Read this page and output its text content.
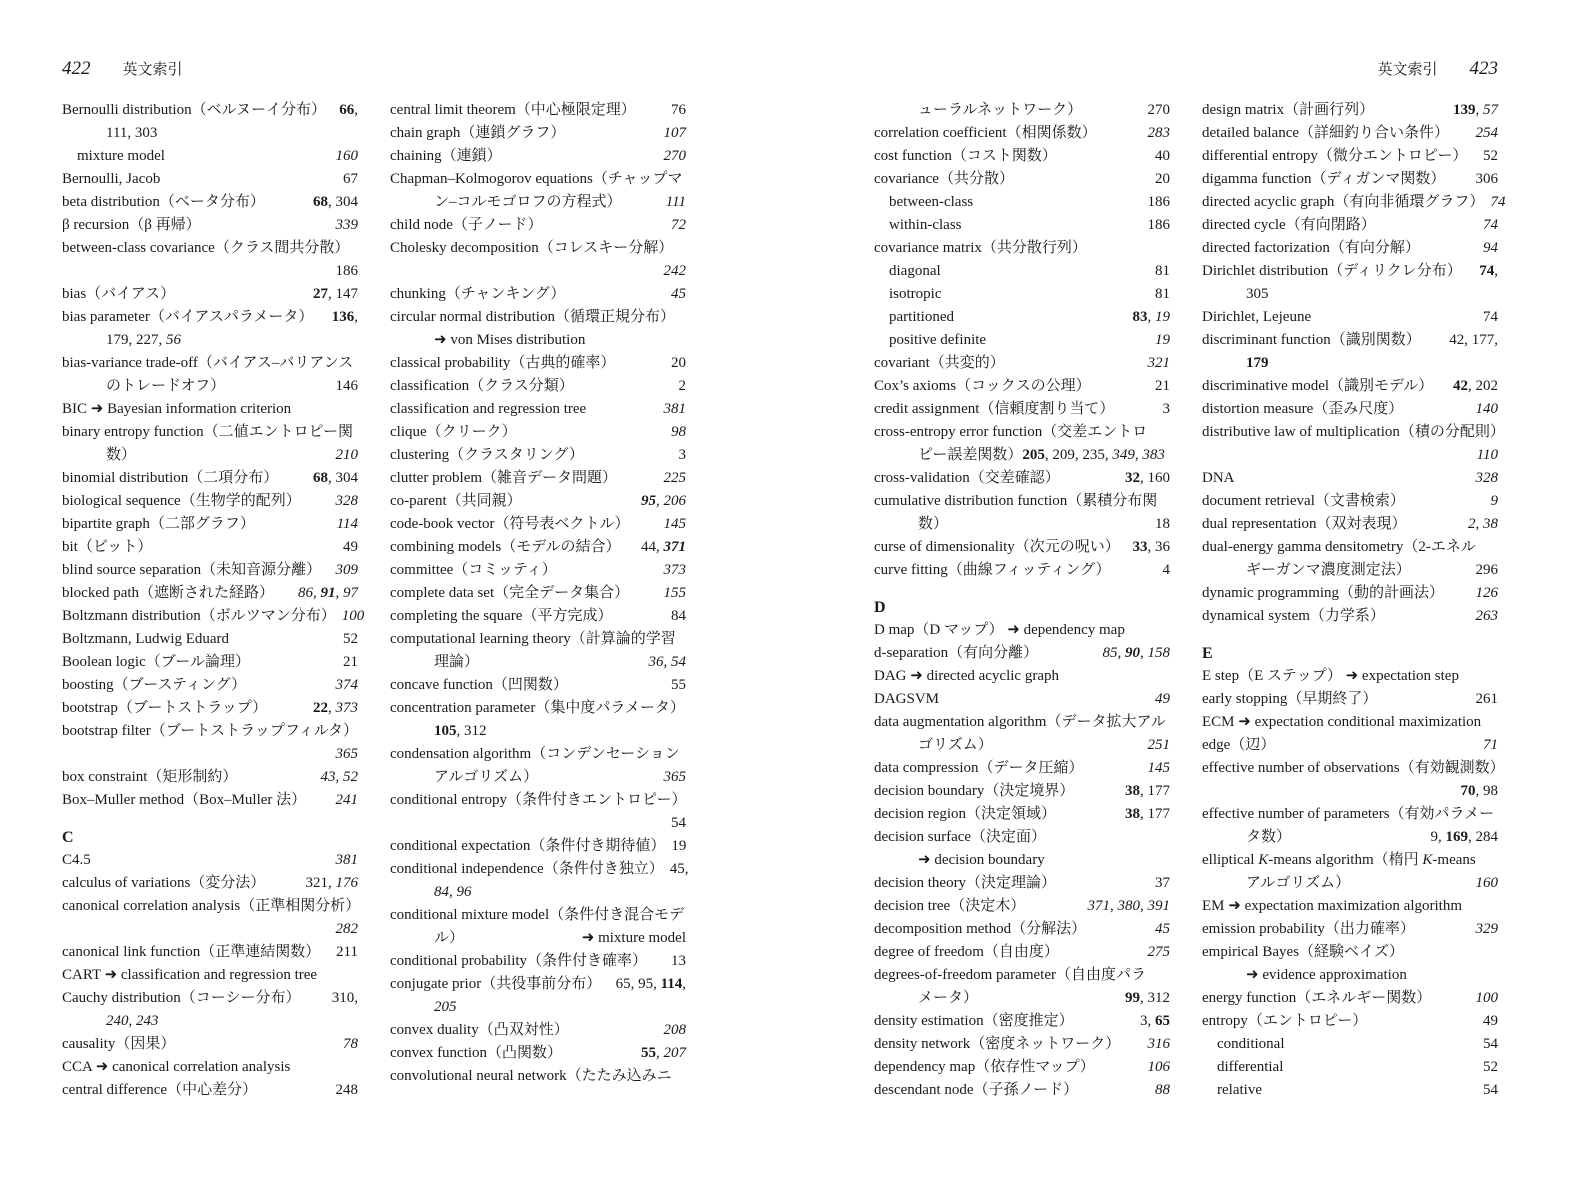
422 英文索引	英文索引 423
Bernoulli distribution（ベルヌーイ分布） 66,
111, 303
mixture model	160
Bernoulli, Jacob	67
beta distribution（ベータ分布）	68, 304
β recursion（β 再帰）	339
between-class covariance（クラス間共分散）
186
bias（バイアス）	27, 147
bias parameter（バイアスパラメータ）	136,
179, 227, 56
bias-variance trade-off（バイアス–バリアンス
のトレードオフ）	146
BIC ➜ Bayesian information criterion
binary entropy function（二値エントロピー関
数）	210
binomial distribution（二項分布）	68, 304
biological sequence（生物学的配列）	328
bipartite graph（二部グラフ）	114
bit（ビット）	49
blind source separation（未知音源分離） 309
blocked path（遮断された経路）	86, 91, 97
Boltzmann distribution（ボルツマン分布） 100
Boltzmann, Ludwig Eduard	52
Boolean logic（ブール論理）	21
boosting（ブースティング）	374
bootstrap（ブートストラップ）	22, 373
bootstrap filter（ブートストラップフィルタ）
365
box constraint（矩形制約）	43, 52
Box–Muller method（Box–Muller 法）	241
C
C4.5	381
calculus of variations（変分法）	321, 176
canonical correlation analysis（正準相関分析）
282
canonical link function（正準連結関数）	211
CART ➜ classification and regression tree
Cauchy distribution（コーシー分布）	310,
240, 243
causality（因果）	78
CCA ➜ canonical correlation analysis
central difference（中心差分）	248
central limit theorem（中心極限定理）	76
chain graph（連鎖グラフ）	107
chaining（連鎖）	270
Chapman–Kolmogorov equations（チャップマ
ン–コルモゴロフの方程式）	111
child node（子ノード）	72
Cholesky decomposition（コレスキー分解）
242
chunking（チャンキング）	45
circular normal distribution（循環正規分布）
➜ von Mises distribution
classical probability（古典的確率）	20
classification（クラス分類）	2
classification and regression tree	381
clique（クリーク）	98
clustering（クラスタリング）	3
clutter problem（雑音データ問題）	225
co-parent（共同親）	95, 206
code-book vector（符号表ベクトル）	145
combining models（モデルの結合）	44, 371
committee（コミッティ）	373
complete data set（完全データ集合）	155
completing the square（平方完成）	84
computational learning theory（計算論的学習
理論）	36, 54
concave function（凹関数）	55
concentration parameter（集中度パラメータ）
105, 312
condensation algorithm（コンデンセーション
アルゴリズム）	365
conditional entropy（条件付きエントロピー）
54
conditional expectation（条件付き期待値） 19
conditional independence（条件付き独立） 45,
84, 96
conditional mixture model（条件付き混合モデ
ル）	➜ mixture model
conditional probability（条件付き確率）	13
conjugate prior（共役事前分布） 65, 95, 114,
205
convex duality（凸双対性）	208
convex function（凸関数）	55, 207
convolutional neural network（たたみ込みニ
ューラルネットワーク）	270
correlation coefficient（相関係数）	283
cost function（コスト関数）	40
covariance（共分散）	20
between-class	186
within-class	186
covariance matrix（共分散行列）
diagonal	81
isotropic	81
partitioned	83, 19
positive definite	19
covariant（共変的）	321
Cox’s axioms（コックスの公理）	21
credit assignment（信頼度割り当て）	3
cross-entropy error function（交差エントロ
ピー誤差関数）205, 209, 235, 349, 383
cross-validation（交差確認）	32, 160
cumulative distribution function（累積分布関
数）	18
curse of dimensionality（次元の呪い） 33, 36
curve fitting（曲線フィッティング）	4
D
D map（D マップ） ➜ dependency map
d-separation（有向分離）	85, 90, 158
DAG ➜ directed acyclic graph
DAGSVM	49
data augmentation algorithm（データ拡大アル
ゴリズム）	251
data compression（データ圧縮）	145
decision boundary（決定境界）	38, 177
decision region（決定領域）	38, 177
decision surface（決定面）
➜ decision boundary
decision theory（決定理論）	37
decision tree（決定木）	371, 380, 391
decomposition method（分解法）	45
degree of freedom（自由度）	275
degrees-of-freedom parameter（自由度パラ
メータ）	99, 312
density estimation（密度推定）	3, 65
density network（密度ネットワーク）	316
dependency map（依存性マップ）	106
descendant node（子孫ノード）	88
design matrix（計画行列）	139, 57
detailed balance（詳細釣り合い条件）	254
differential entropy（微分エントロピー）	52
digamma function（ディガンマ関数）	306
directed acyclic graph（有向非循環グラフ） 74
directed cycle（有向閉路）	74
directed factorization（有向分解）	94
Dirichlet distribution（ディリクレ分布）	74,
305
Dirichlet, Lejeune	74
discriminant function（識別関数）	42, 177,
179
discriminative model（識別モデル）	42, 202
distortion measure（歪み尺度）	140
distributive law of multiplication（積の分配則）
110
DNA	328
document retrieval（文書検索）	9
dual representation（双対表現）	2, 38
dual-energy gamma densitometry（2-エネル
ギーガンマ濃度測定法）	296
dynamic programming（動的計画法）	126
dynamical system（力学系）	263
E
E step（E ステップ） ➜ expectation step
early stopping（早期終了）	261
ECM ➜ expectation conditional maximization
edge（辺）	71
effective number of observations（有効観測数）
70, 98
effective number of parameters（有効パラメー
タ数）	9, 169, 284
elliptical K-means algorithm（楕円 K-means
アルゴリズム）	160
EM ➜ expectation maximization algorithm
emission probability（出力確率）	329
empirical Bayes（経験ベイズ）
➜ evidence approximation
energy function（エネルギー関数）	100
entropy（エントロピー）	49
conditional	54
differential	52
relative	54
